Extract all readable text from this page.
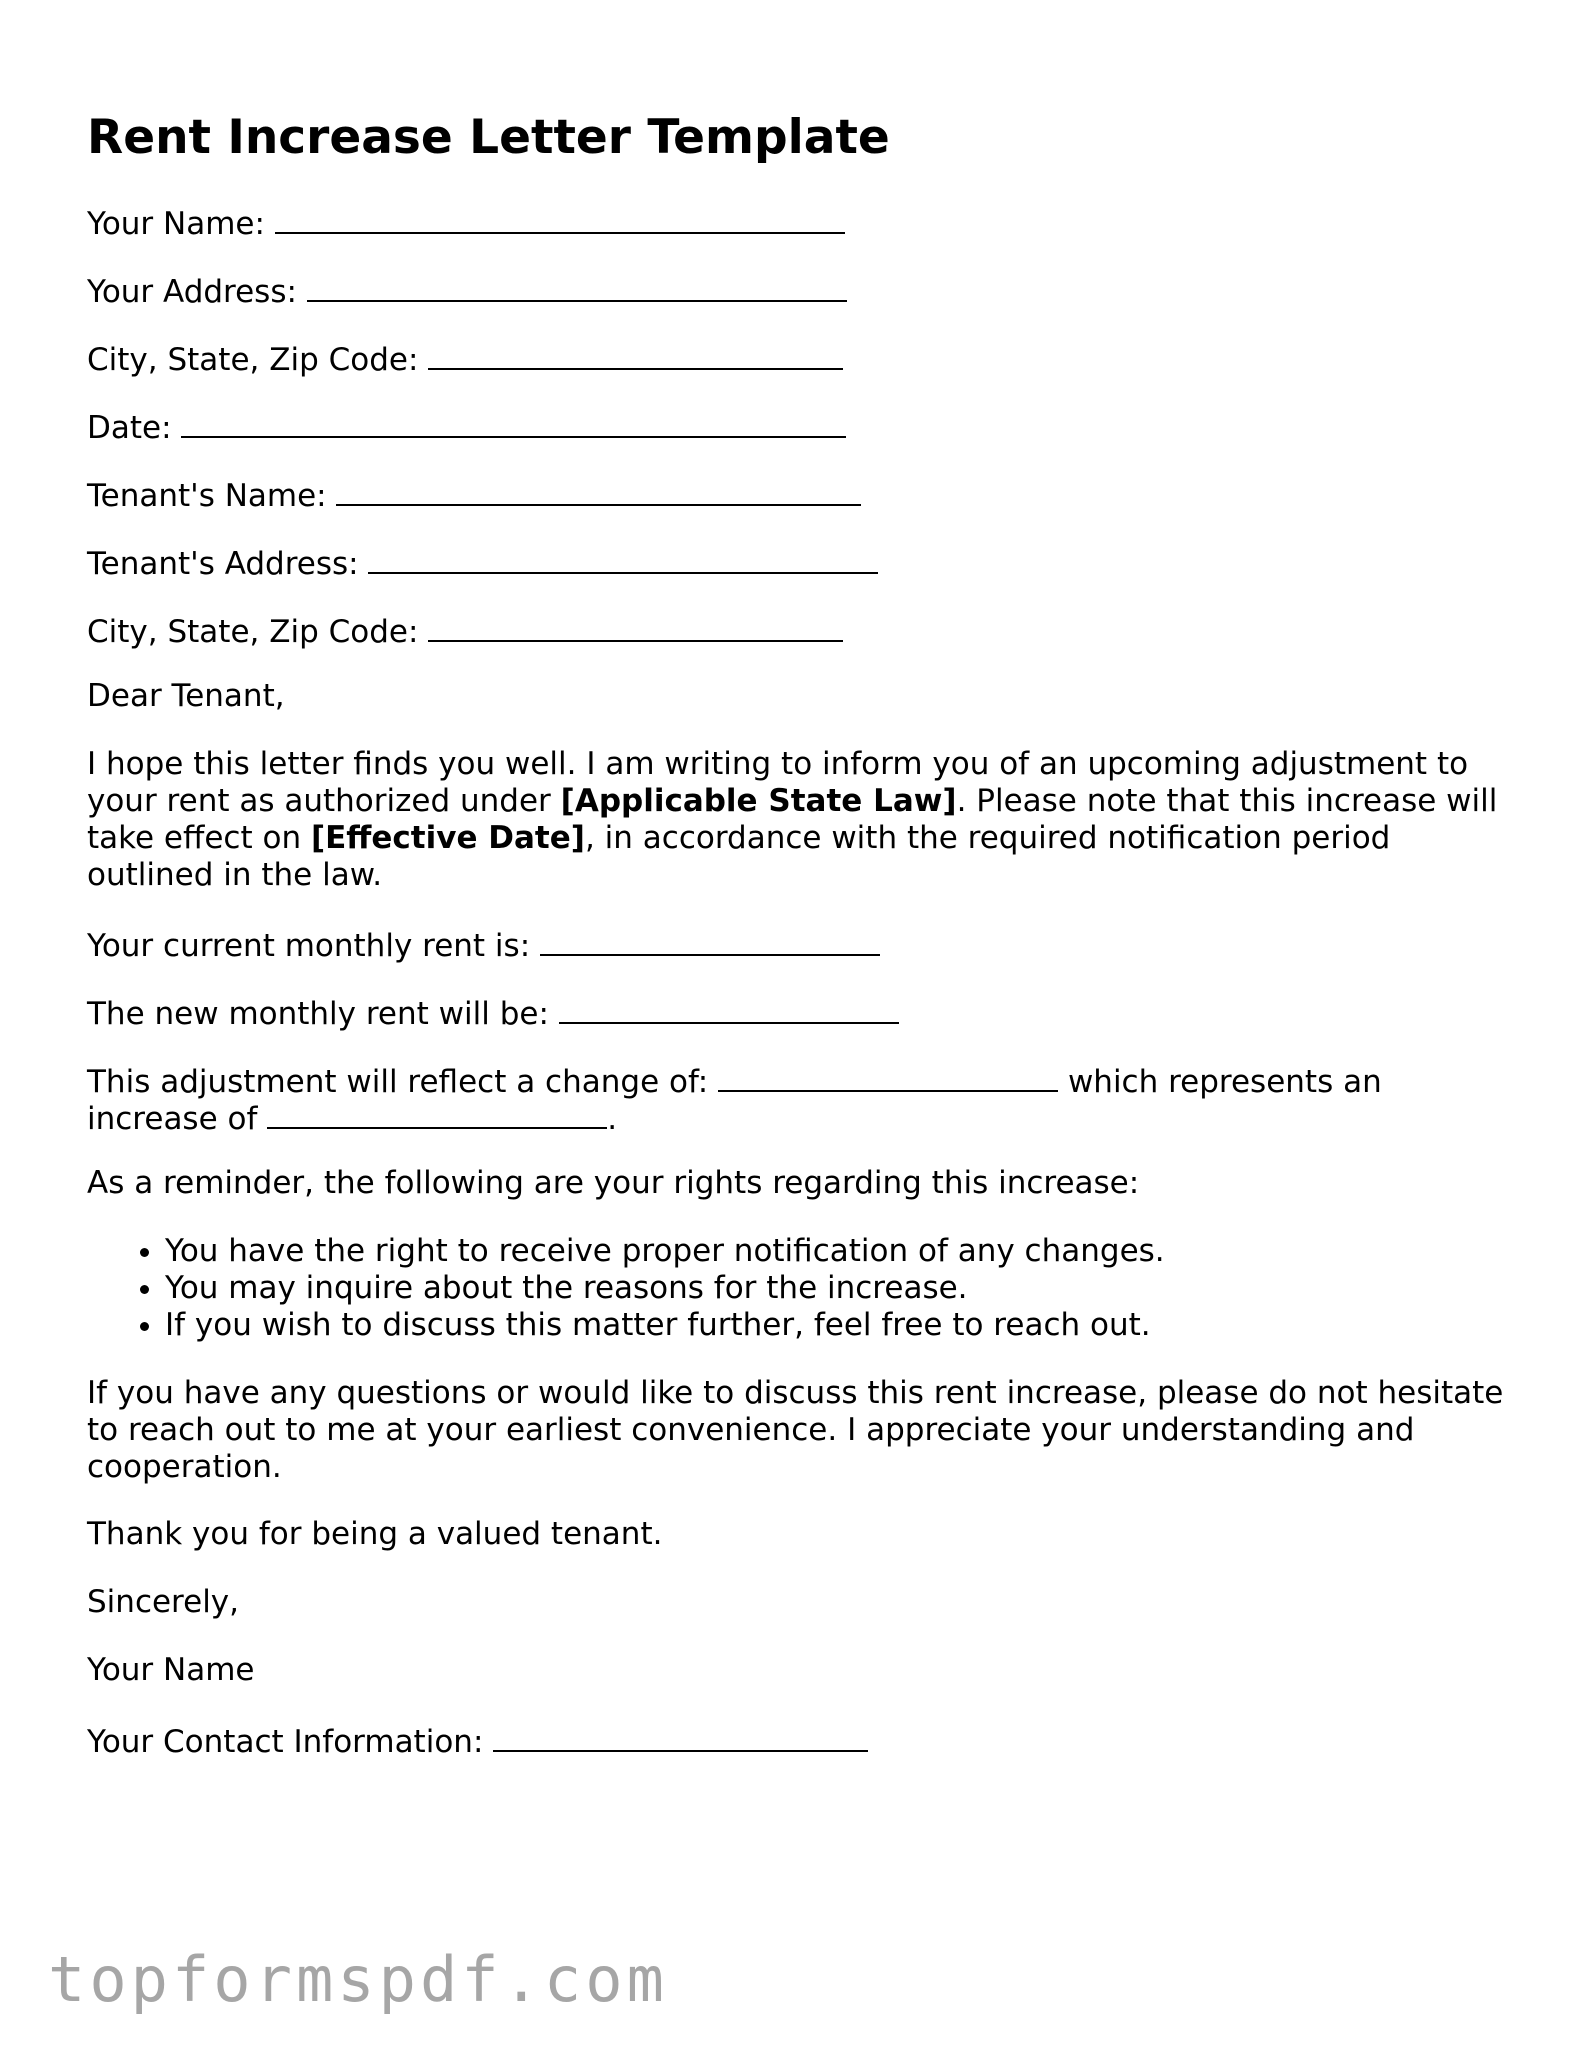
Rent Increase Letter Template

Your Name:

Your Address:

City, State, Zip Code:

Date:

Tenant's Name:

Tenant's Address:

City, State, Zip Code:

Dear Tenant,

I hope this letter finds you well. I am writing to inform you of an upcoming adjustment to your rent as authorized under [Applicable State Law]. Please note that this increase will take effect on [Effective Date], in accordance with the required notification period outlined in the law.

Your current monthly rent is:

The new monthly rent will be:

This adjustment will reflect a change of:	which represents an

increase of	.

As a reminder, the following are your rights regarding this increase:

• You have the right to receive proper notification of any changes.
• You may inquire about the reasons for the increase.
• If you wish to discuss this matter further, feel free to reach out.

If you have any questions or would like to discuss this rent increase, please do not hesitate to reach out to me at your earliest convenience. I appreciate your understanding and cooperation.

Thank you for being a valued tenant.

Sincerely,

Your Name

Your Contact Information:

topformspdf.com
